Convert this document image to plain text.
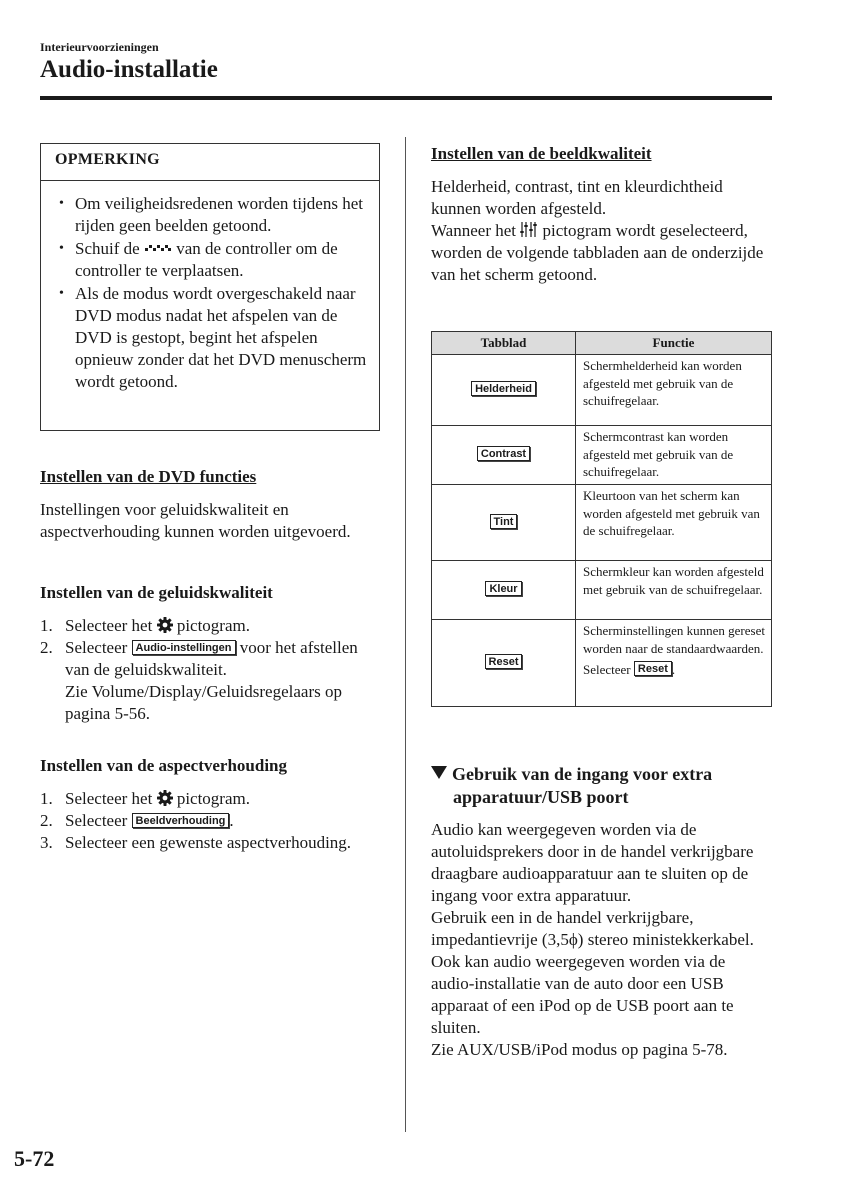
Interieurvoorzieningen
Audio-installatie
OPMERKING
• Om veiligheidsredenen worden tijdens het rijden geen beelden getoond.
• Schuif de van de controller om de controller te verplaatsen.
• Als de modus wordt overgeschakeld naar DVD modus nadat het afspelen van de DVD is gestopt, begint het afspelen opnieuw zonder dat het DVD menuscherm wordt getoond.
Instellen van de DVD functies
Instellingen voor geluidskwaliteit en aspectverhouding kunnen worden uitgevoerd.
Instellen van de geluidskwaliteit
1. Selecteer het pictogram.
2. Selecteer Audio-instellingen voor het afstellen van de geluidskwaliteit.
Zie Volume/Display/Geluidsregelaars op pagina 5-56.
Instellen van de aspectverhouding
1. Selecteer het pictogram.
2. Selecteer Beeldverhouding .
3. Selecteer een gewenste aspectverhouding.
Instellen van de beeldkwaliteit
Helderheid, contrast, tint en kleurdichtheid kunnen worden afgesteld.
Wanneer het pictogram wordt geselecteerd, worden de volgende tabbladen aan de onderzijde van het scherm getoond.
Tabblad	Functie
Helderheid	Schermhelderheid kan worden afgesteld met gebruik van de schuifregelaar.
Contrast	Schermcontrast kan worden afgesteld met gebruik van de schuifregelaar.
Tint	Kleurtoon van het scherm kan worden afgesteld met gebruik van de schuifregelaar.
Kleur	Schermkleur kan worden afgesteld met gebruik van de schuifregelaar.
Reset	Scherminstellingen kunnen gereset worden naar de standaardwaarden.
Selecteer Reset .
Gebruik van de ingang voor extra
apparatuur/USB poort
Audio kan weergegeven worden via de autoluidsprekers door in de handel verkrijgbare draagbare audioapparatuur aan te sluiten op de ingang voor extra apparatuur.
Gebruik een in de handel verkrijgbare, impedantievrije (3,5ϕ) stereo ministekkerkabel.
Ook kan audio weergegeven worden via de audio-installatie van de auto door een USB apparaat of een iPod op de USB poort aan te sluiten.
Zie AUX/USB/iPod modus op pagina 5-78.
5-72
